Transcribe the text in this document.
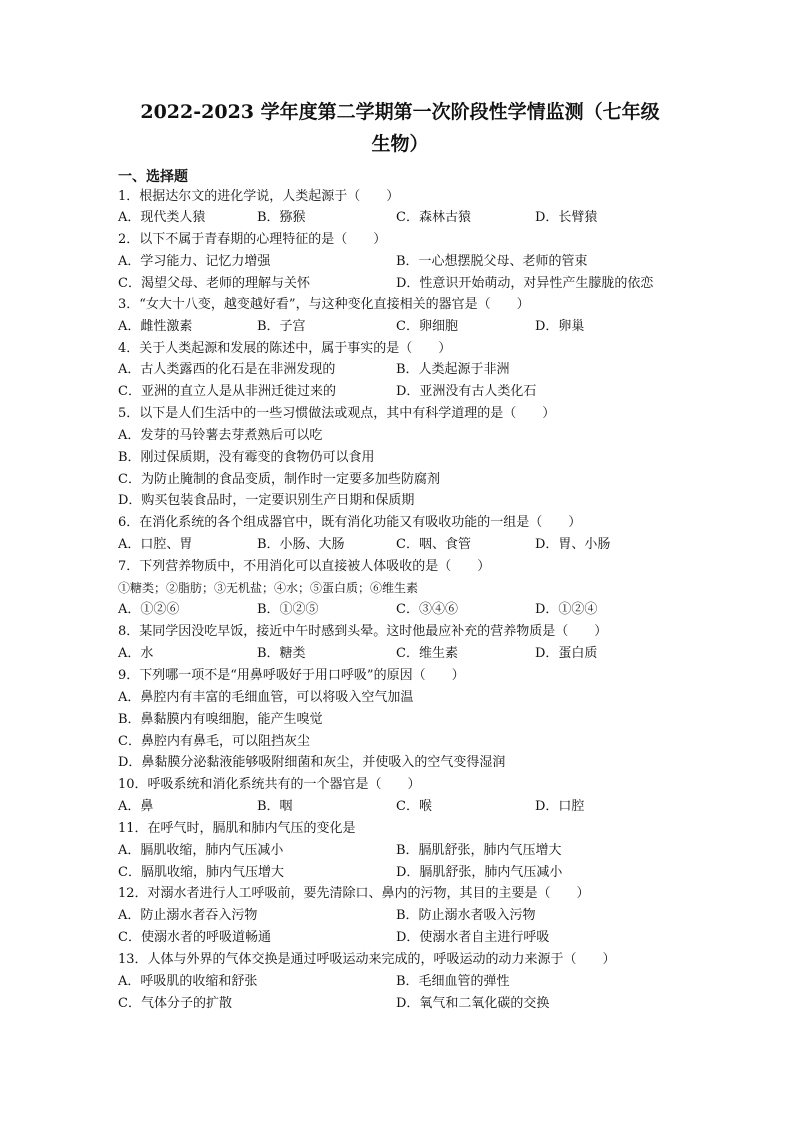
2022-2023 学年度第二学期第一次阶段性学情监测（七年级
生物）
一、选择题
1．根据达尔文的进化学说，人类起源于（　　）
A．现代类人猿	B．猕猴	C．森林古猿	D．长臂猿
2．以下不属于青春期的心理特征的是（　　）
A．学习能力、记忆力增强	B．一心想摆脱父母、老师的管束
C．渴望父母、老师的理解与关怀	D．性意识开始萌动，对异性产生朦胧的依恋
3．“女大十八变，越变越好看”，与这种变化直接相关的器官是（　　）
A．雌性激素	B．子宫	C．卵细胞	D．卵巢
4．关于人类起源和发展的陈述中，属于事实的是（　　）
A．古人类露西的化石是在非洲发现的	B．人类起源于非洲
C．亚洲的直立人是从非洲迁徙过来的	D．亚洲没有古人类化石
5．以下是人们生活中的一些习惯做法或观点，其中有科学道理的是（　　）
A．发芽的马铃薯去芽煮熟后可以吃
B．刚过保质期，没有霉变的食物仍可以食用
C．为防止腌制的食品变质，制作时一定要多加些防腐剂
D．购买包装食品时，一定要识别生产日期和保质期
6．在消化系统的各个组成器官中，既有消化功能又有吸收功能的一组是（　　）
A．口腔、胃	B．小肠、大肠	C．咽、食管	D．胃、小肠
7．下列营养物质中，不用消化可以直接被人体吸收的是（　　）
①糖类；②脂肪；③无机盐；④水；⑤蛋白质；⑥维生素
A．①②⑥	B．①②⑤	C．③④⑥	D．①②④
8．某同学因没吃早饭，接近中午时感到头晕。这时他最应补充的营养物质是（　　）
A．水	B．糖类	C．维生素	D．蛋白质
9．下列哪一项不是“用鼻呼吸好于用口呼吸”的原因（　　）
A．鼻腔内有丰富的毛细血管，可以将吸入空气加温
B．鼻黏膜内有嗅细胞，能产生嗅觉
C．鼻腔内有鼻毛，可以阻挡灰尘
D．鼻黏膜分泌黏液能够吸附细菌和灰尘，并使吸入的空气变得湿润
10．呼吸系统和消化系统共有的一个器官是（　　）
A．鼻	B．咽	C．喉	D．口腔
11．在呼气时，膈肌和肺内气压的变化是
A．膈肌收缩，肺内气压减小	B．膈肌舒张，肺内气压增大
C．膈肌收缩，肺内气压增大	D．膈肌舒张，肺内气压减小
12．对溺水者进行人工呼吸前，要先清除口、鼻内的污物，其目的主要是（　　）
A．防止溺水者吞入污物	B．防止溺水者吸入污物
C．使溺水者的呼吸道畅通	D．使溺水者自主进行呼吸
13．人体与外界的气体交换是通过呼吸运动来完成的，呼吸运动的动力来源于（　　）
A．呼吸肌的收缩和舒张	B．毛细血管的弹性
C．气体分子的扩散	D．氧气和二氧化碳的交换
